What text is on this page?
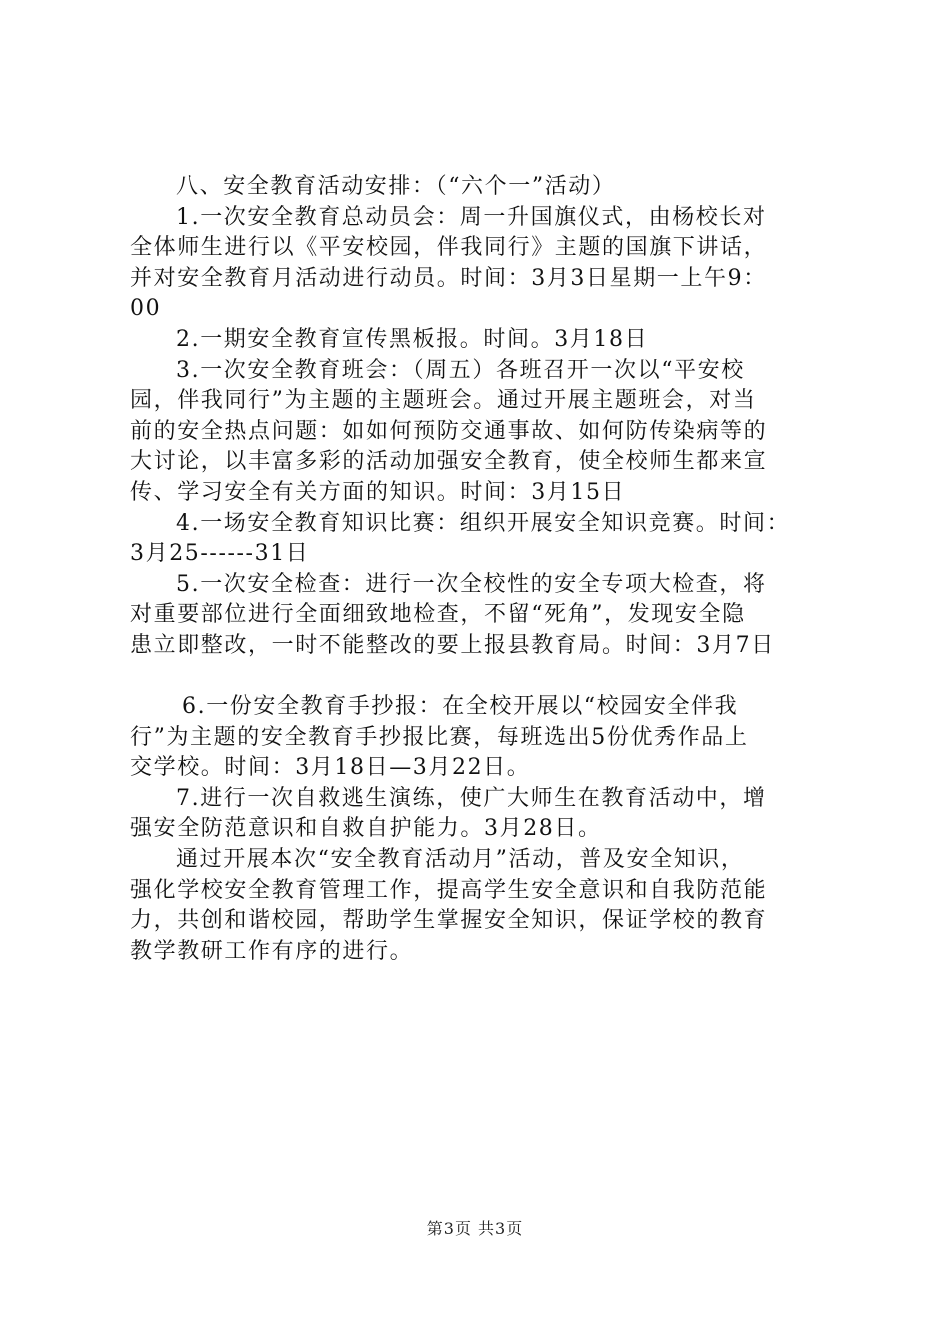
八、安全教育活动安排：（“六个一”活动）
1.一次安全教育总动员会：周一升国旗仪式，由杨校长对
全体师生进行以《平安校园，伴我同行》主题的国旗下讲话，
并对安全教育月活动进行动员。时间：3月3日星期一上午9：
00
2.一期安全教育宣传黑板报。时间。3月18日
3.一次安全教育班会：（周五）各班召开一次以“平安校
园，伴我同行”为主题的主题班会。通过开展主题班会，对当
前的安全热点问题：如如何预防交通事故、如何防传染病等的
大讨论，以丰富多彩的活动加强安全教育，使全校师生都来宣
传、学习安全有关方面的知识。时间：3月15日
4.一场安全教育知识比赛：组织开展安全知识竞赛。时间：
3月25------31日
5.一次安全检查：进行一次全校性的安全专项大检查，将
对重要部位进行全面细致地检查，不留“死角”，发现安全隐
患立即整改，一时不能整改的要上报县教育局。时间：3月7日
6.一份安全教育手抄报：在全校开展以“校园安全伴我
行”为主题的安全教育手抄报比赛，每班选出5份优秀作品上
交学校。时间：3月18日—3月22日。
7.进行一次自救逃生演练，使广大师生在教育活动中，增
强安全防范意识和自救自护能力。3月28日。
通过开展本次“安全教育活动月”活动，普及安全知识，
强化学校安全教育管理工作，提高学生安全意识和自我防范能
力，共创和谐校园，帮助学生掌握安全知识，保证学校的教育
教学教研工作有序的进行。
第3页 共3页
